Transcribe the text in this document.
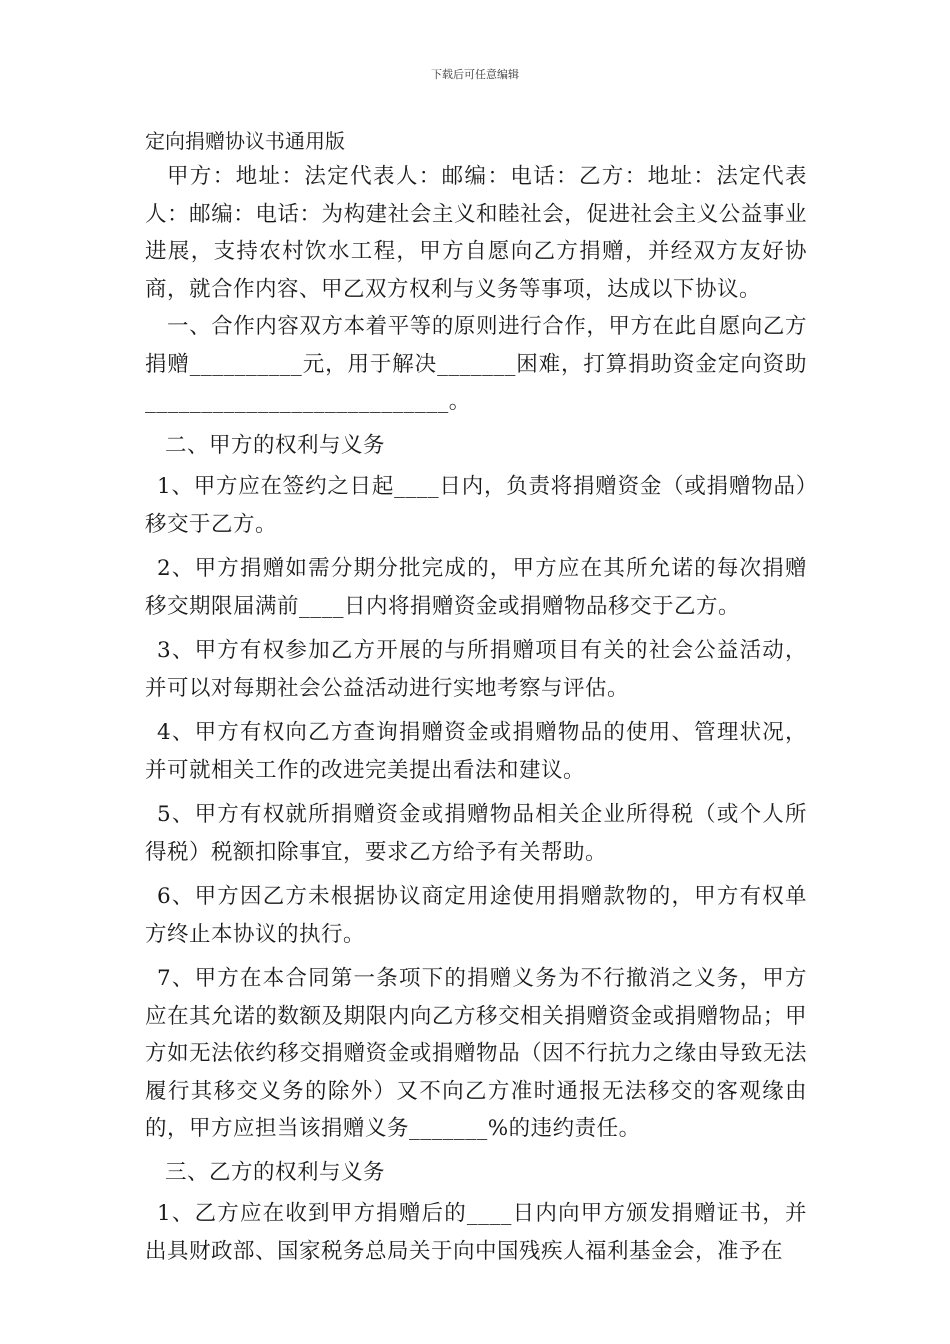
下载后可任意编辑

定向捐赠协议书通用版

甲方：地址：法定代表人：邮编：电话：乙方：地址：法定代表人：邮编：电话：为构建社会主义和睦社会，促进社会主义公益事业进展，支持农村饮水工程，甲方自愿向乙方捐赠，并经双方友好协商，就合作内容、甲乙双方权利与义务等事项，达成以下协议。

一、合作内容双方本着平等的原则进行合作，甲方在此自愿向乙方捐赠__________元，用于解决_______困难，打算捐助资金定向资助___________________________。

二、甲方的权利与义务

1、甲方应在签约之日起____日内，负责将捐赠资金（或捐赠物品）移交于乙方。

2、甲方捐赠如需分期分批完成的，甲方应在其所允诺的每次捐赠移交期限届满前____日内将捐赠资金或捐赠物品移交于乙方。

3、甲方有权参加乙方开展的与所捐赠项目有关的社会公益活动，并可以对每期社会公益活动进行实地考察与评估。

4、甲方有权向乙方查询捐赠资金或捐赠物品的使用、管理状况，并可就相关工作的改进完美提出看法和建议。

5、甲方有权就所捐赠资金或捐赠物品相关企业所得税（或个人所得税）税额扣除事宜，要求乙方给予有关帮助。

6、甲方因乙方未根据协议商定用途使用捐赠款物的，甲方有权单方终止本协议的执行。

7、甲方在本合同第一条项下的捐赠义务为不行撤消之义务，甲方应在其允诺的数额及期限内向乙方移交相关捐赠资金或捐赠物品；甲方如无法依约移交捐赠资金或捐赠物品（因不行抗力之缘由导致无法履行其移交义务的除外）又不向乙方准时通报无法移交的客观缘由的，甲方应担当该捐赠义务_______%的违约责任。

三、乙方的权利与义务

1、乙方应在收到甲方捐赠后的____日内向甲方颁发捐赠证书，并出具财政部、国家税务总局关于向中国残疾人福利基金会，准予在
